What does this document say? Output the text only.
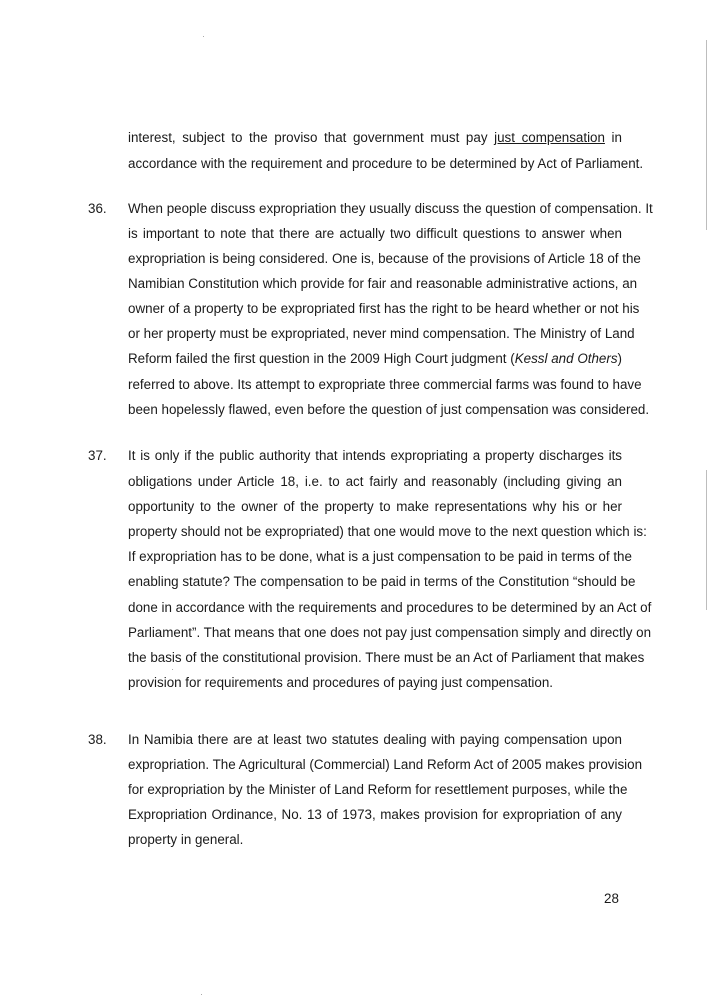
interest, subject to the proviso that government must pay just compensation in
accordance with the requirement and procedure to be determined by Act of Parliament.
36. When people discuss expropriation they usually discuss the question of compensation. It
is important to note that there are actually two difficult questions to answer when
expropriation is being considered. One is, because of the provisions of Article 18 of the
Namibian Constitution which provide for fair and reasonable administrative actions, an
owner of a property to be expropriated first has the right to be heard whether or not his
or her property must be expropriated, never mind compensation. The Ministry of Land
Reform failed the first question in the 2009 High Court judgment (Kessl and Others)
referred to above. Its attempt to expropriate three commercial farms was found to have
been hopelessly flawed, even before the question of just compensation was considered.
37. It is only if the public authority that intends expropriating a property discharges its
obligations under Article 18, i.e. to act fairly and reasonably (including giving an
opportunity to the owner of the property to make representations why his or her
property should not be expropriated) that one would move to the next question which is:
If expropriation has to be done, what is a just compensation to be paid in terms of the
enabling statute? The compensation to be paid in terms of the Constitution “should be
done in accordance with the requirements and procedures to be determined by an Act of
Parliament”. That means that one does not pay just compensation simply and directly on
the basis of the constitutional provision. There must be an Act of Parliament that makes
provision for requirements and procedures of paying just compensation.
38. In Namibia there are at least two statutes dealing with paying compensation upon
expropriation. The Agricultural (Commercial) Land Reform Act of 2005 makes provision
for expropriation by the Minister of Land Reform for resettlement purposes, while the
Expropriation Ordinance, No. 13 of 1973, makes provision for expropriation of any
property in general.
28
